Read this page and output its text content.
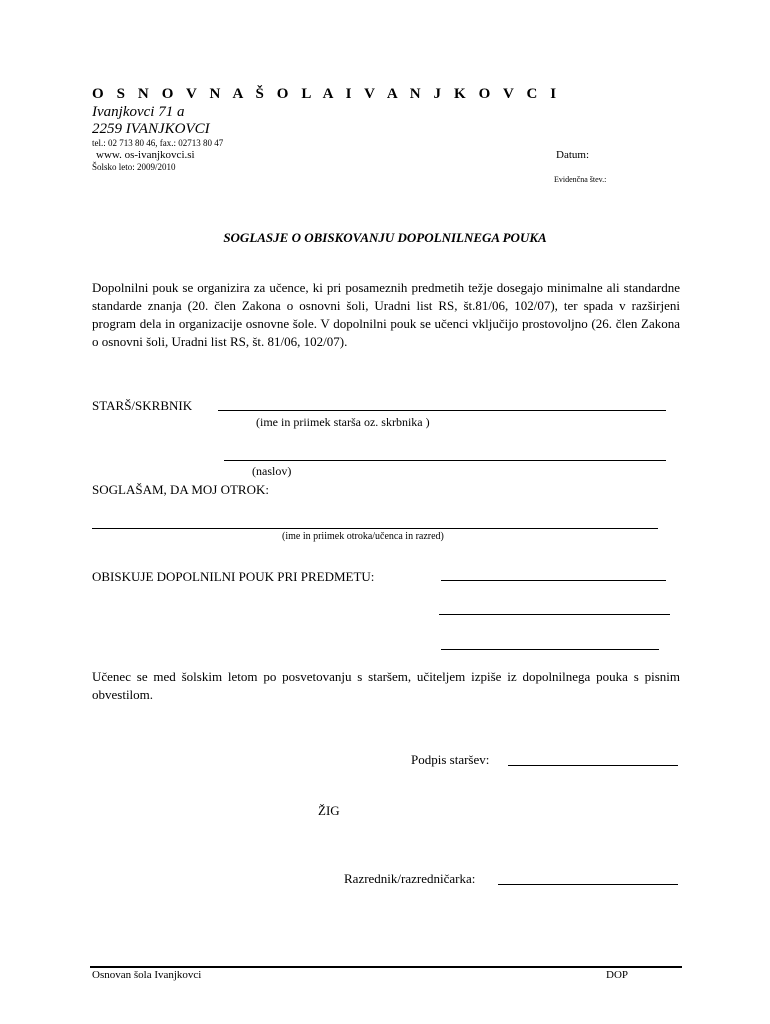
O S N O V N A Š O L A I V A N J K O V C I
Ivanjkovci 71 a
2259 IVANJKOVCI
tel.: 02 713 80 46, fax.: 02713 80 47
www. os-ivanjkovci.si
Šolsko leto: 2009/2010
Datum:
Evidenčna štev.:
SOGLASJE O OBISKOVANJU DOPOLNILNEGA POUKA
Dopolnilni pouk se organizira za učence, ki pri posameznih predmetih težje dosegajo minimalne ali standardne standarde znanja (20. člen Zakona o osnovni šoli, Uradni list RS, št.81/06, 102/07), ter spada v razširjeni program dela in organizacije osnovne šole. V dopolnilni pouk se učenci vključijo prostovoljno (26. člen Zakona o osnovni šoli, Uradni list RS, št. 81/06, 102/07).
STARŠ/SKRBNIK
(ime in priimek starša oz. skrbnika )
(naslov)
SOGLAŠAM, DA MOJ OTROK:
(ime in priimek otroka/učenca in razred)
OBISKUJE DOPOLNILNI POUK PRI PREDMETU:
Učenec se med šolskim letom po posvetovanju s staršem, učiteljem izpiše iz dopolnilnega pouka s pisnim obvestilom.
Podpis staršev:
ŽIG
Razrednik/razredničarka:
Osnovan šola Ivanjkovci	DOP
